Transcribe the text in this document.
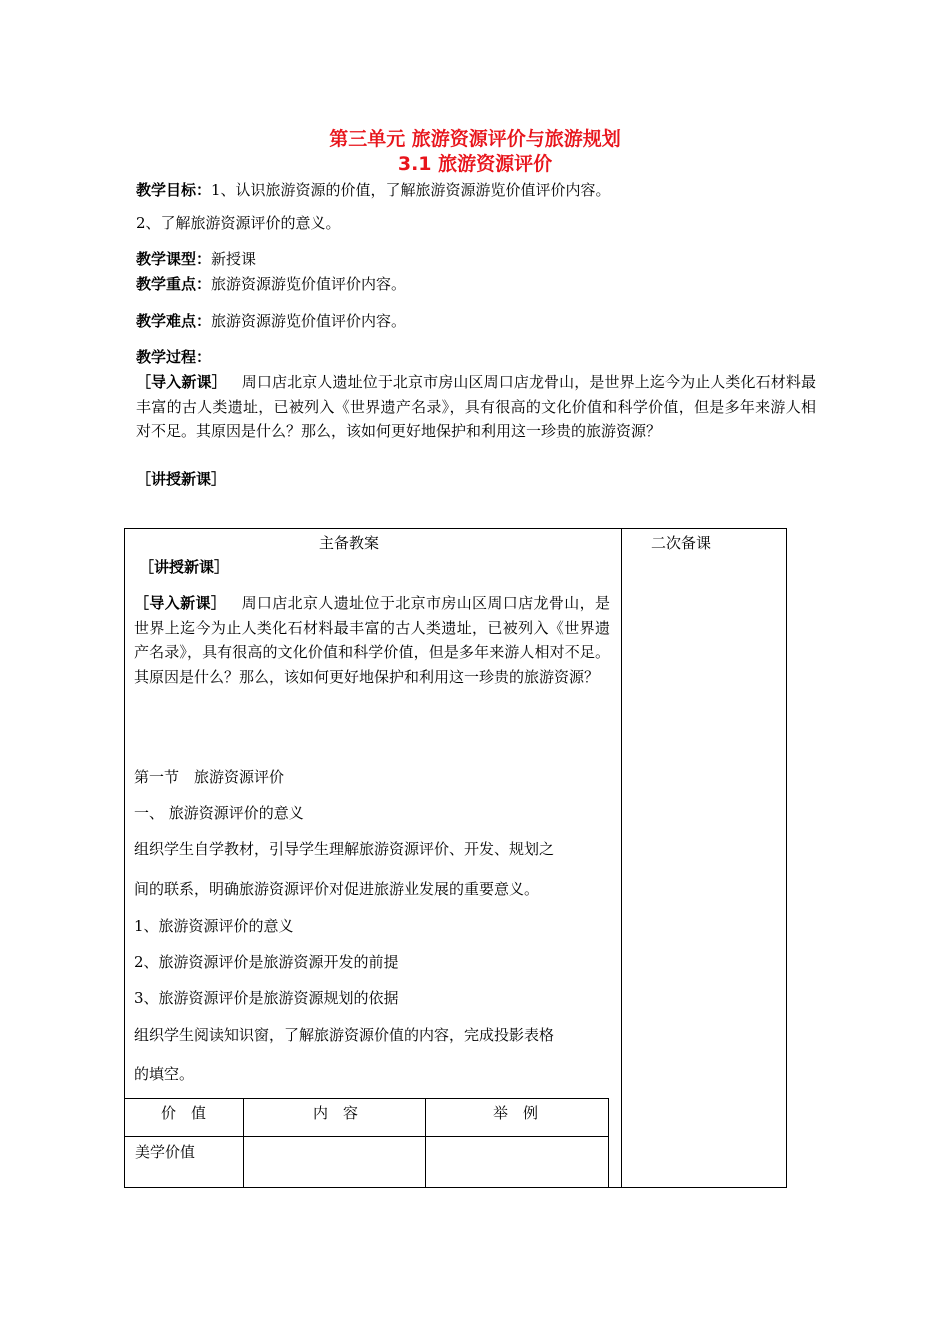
第三单元 旅游资源评价与旅游规划
3.1 旅游资源评价
教学目标：1、认识旅游资源的价值，了解旅游资源游览价值评价内容。
2、了解旅游资源评价的意义。
教学课型：新授课
教学重点：旅游资源游览价值评价内容。
教学难点：旅游资源游览价值评价内容。
教学过程：
［导入新课］  周口店北京人遗址位于北京市房山区周口店龙骨山，是世界上迄今为止人类化石材料最丰富的古人类遗址，已被列入《世界遗产名录》，具有很高的文化价值和科学价值，但是多年来游人相对不足。其原因是什么？那么，该如何更好地保护和利用这一珍贵的旅游资源？
［讲授新课］
主备教案	二次备课
［讲授新课］
［导入新课］  周口店北京人遗址位于北京市房山区周口店龙骨山，是世界上迄今为止人类化石材料最丰富的古人类遗址，已被列入《世界遗产名录》，具有很高的文化价值和科学价值，但是多年来游人相对不足。其原因是什么？那么，该如何更好地保护和利用这一珍贵的旅游资源？
第一节　旅游资源评价
一、 旅游资源评价的意义
组织学生自学教材，引导学生理解旅游资源评价、开发、规划之
间的联系，明确旅游资源评价对促进旅游业发展的重要意义。
1、旅游资源评价的意义
2、旅游资源评价是旅游资源开发的前提
3、旅游资源评价是旅游资源规划的依据
组织学生阅读知识窗，了解旅游资源价值的内容，完成投影表格
的填空。
价　值	内　容	举　例
美学价值
